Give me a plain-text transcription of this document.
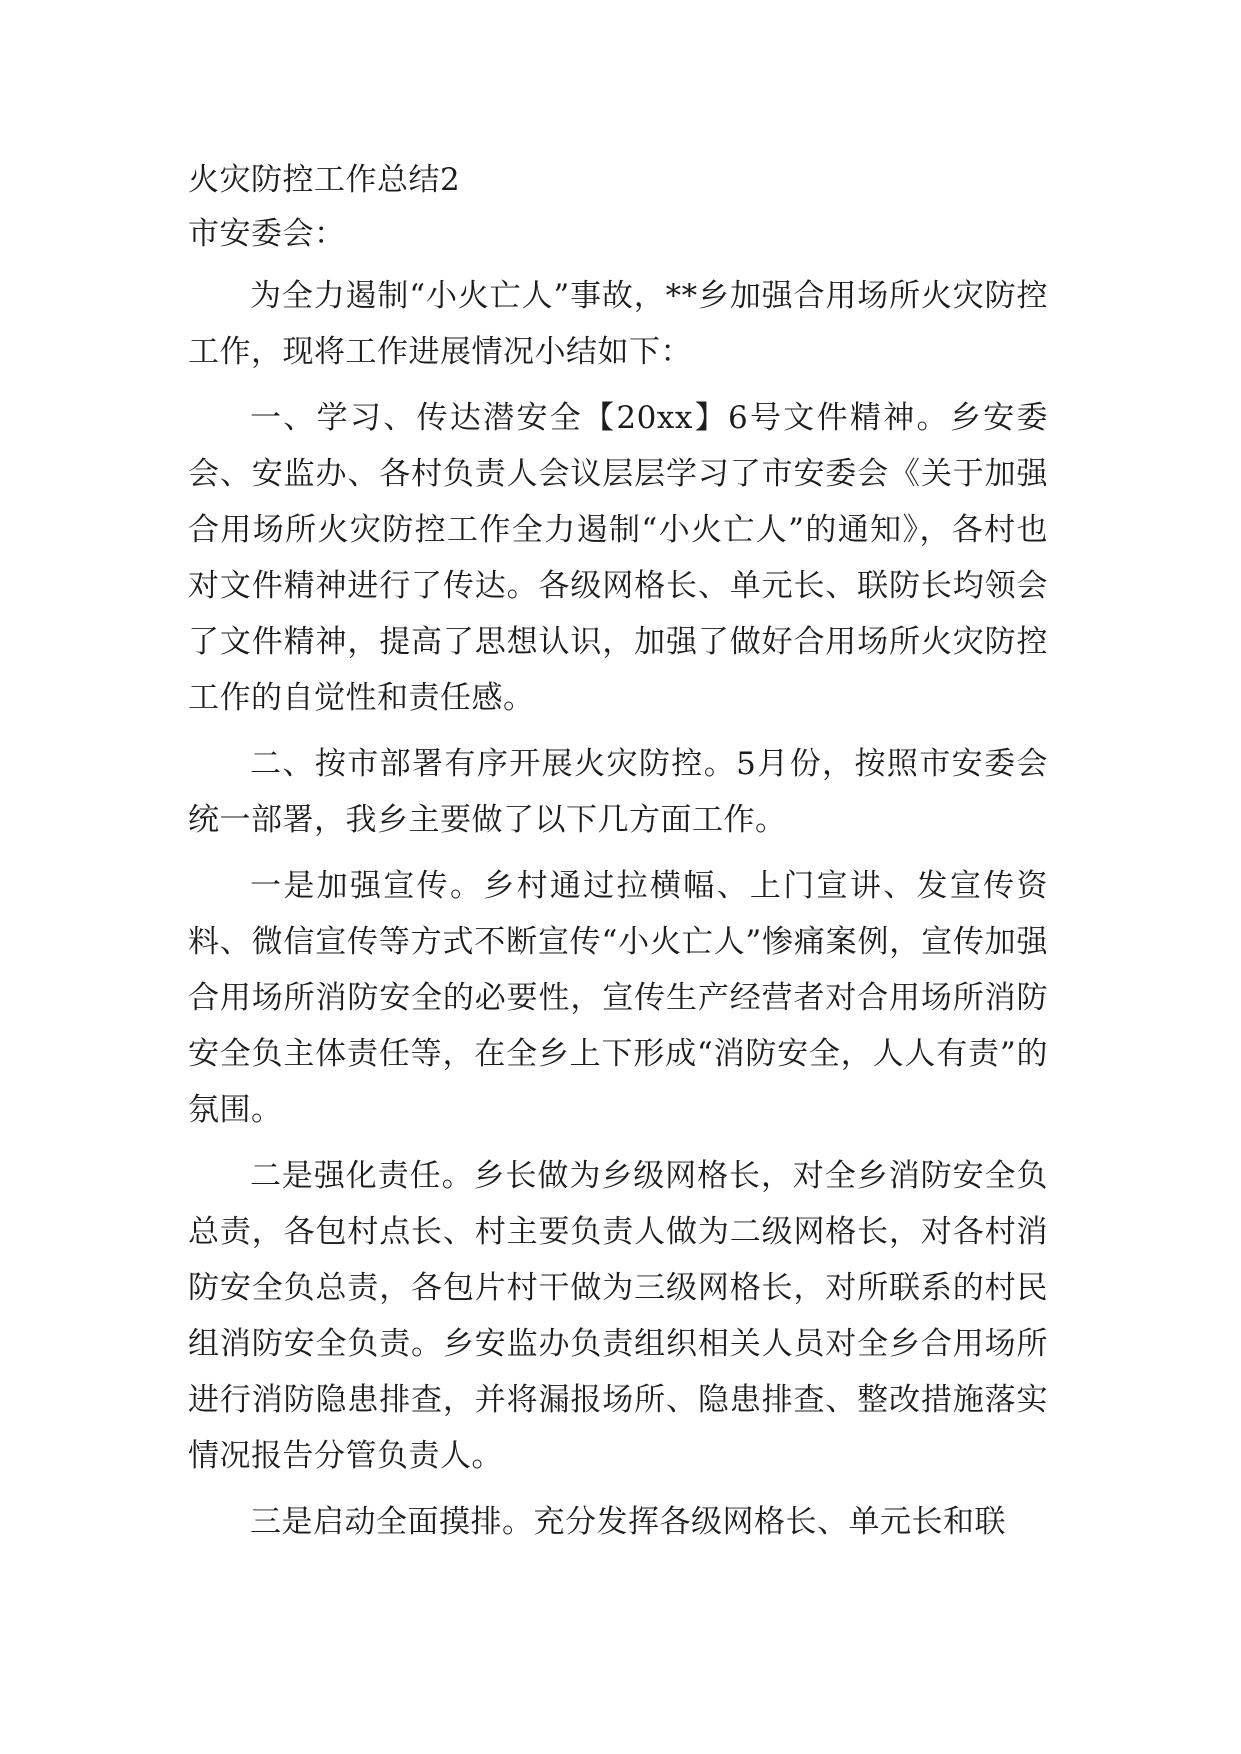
火灾防控工作总结2

市安委会：

为全力遏制“小火亡人”事故，**乡加强合用场所火灾防控工作，现将工作进展情况小结如下：

一、学习、传达潜安全【20xx】6号文件精神。乡安委会、安监办、各村负责人会议层层学习了市安委会《关于加强合用场所火灾防控工作全力遏制“小火亡人”的通知》，各村也对文件精神进行了传达。各级网格长、单元长、联防长均领会了文件精神，提高了思想认识，加强了做好合用场所火灾防控工作的自觉性和责任感。

二、按市部署有序开展火灾防控。5月份，按照市安委会统一部署，我乡主要做了以下几方面工作。

一是加强宣传。乡村通过拉横幅、上门宣讲、发宣传资料、微信宣传等方式不断宣传“小火亡人”惨痛案例，宣传加强合用场所消防安全的必要性，宣传生产经营者对合用场所消防安全负主体责任等，在全乡上下形成“消防安全，人人有责”的氛围。

二是强化责任。乡长做为乡级网格长，对全乡消防安全负总责，各包村点长、村主要负责人做为二级网格长，对各村消防安全负总责，各包片村干做为三级网格长，对所联系的村民组消防安全负责。乡安监办负责组织相关人员对全乡合用场所进行消防隐患排查，并将漏报场所、隐患排查、整改措施落实情况报告分管负责人。

三是启动全面摸排。充分发挥各级网格长、单元长和联
